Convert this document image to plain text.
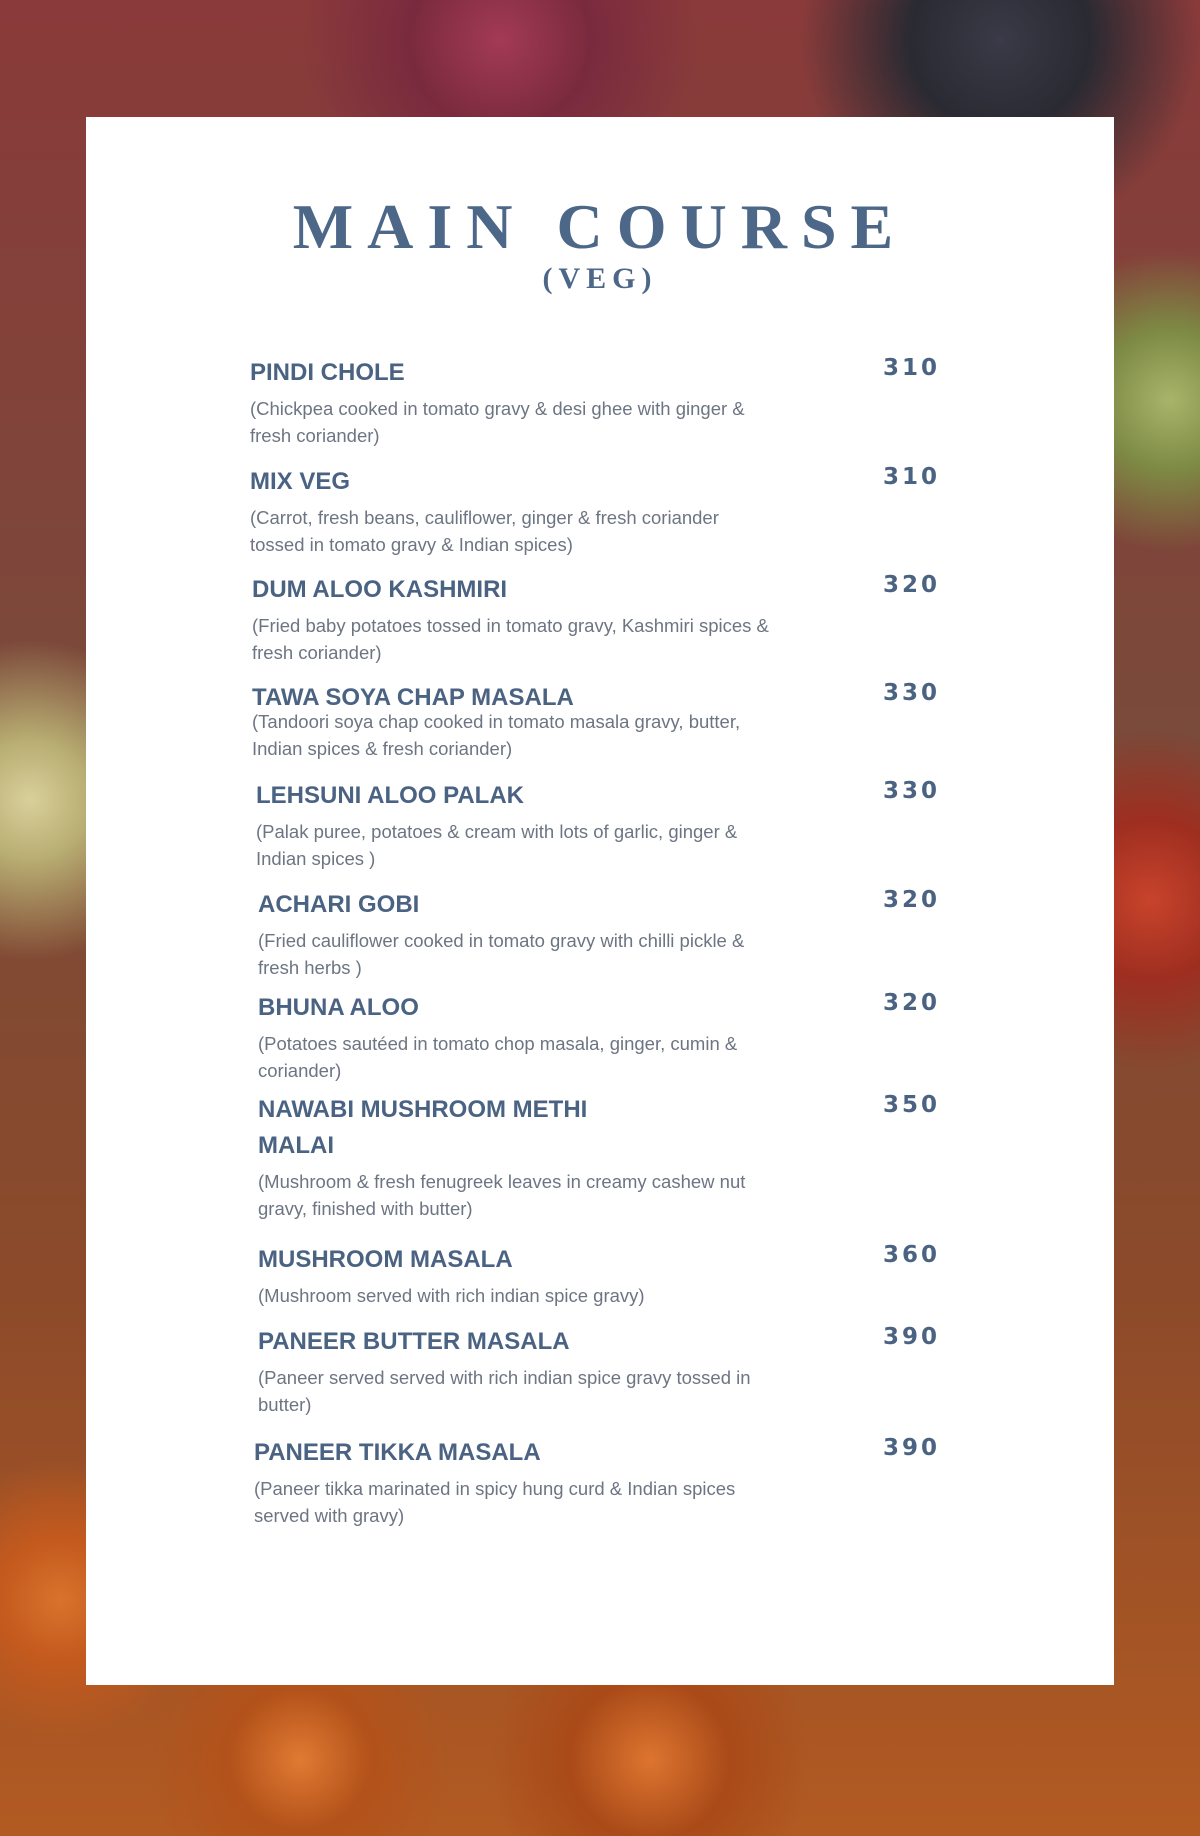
MAIN COURSE
(VEG)
PINDI CHOLE	310
(Chickpea cooked in tomato gravy & desi ghee with ginger & fresh coriander)
MIX VEG	310
(Carrot, fresh beans, cauliflower, ginger & fresh coriander tossed in tomato gravy & Indian spices)
DUM ALOO KASHMIRI	320
(Fried baby potatoes tossed in tomato gravy, Kashmiri spices & fresh coriander)
TAWA SOYA CHAP MASALA	330
(Tandoori soya chap cooked in tomato masala gravy, butter, Indian spices & fresh coriander)
LEHSUNI ALOO PALAK	330
(Palak puree, potatoes & cream with lots of garlic, ginger & Indian spices )
ACHARI GOBI	320
(Fried cauliflower cooked in tomato gravy with chilli pickle & fresh herbs )
BHUNA ALOO	320
(Potatoes sautéed in tomato chop masala, ginger, cumin & coriander)
NAWABI MUSHROOM METHI MALAI
350
(Mushroom & fresh fenugreek leaves in creamy cashew nut gravy, finished with butter)
MUSHROOM MASALA	360
(Mushroom served with rich indian spice gravy)
PANEER BUTTER MASALA	390
(Paneer served served with rich indian spice gravy tossed in butter)
PANEER TIKKA MASALA	390
(Paneer tikka marinated in spicy hung curd & Indian spices served with gravy)
